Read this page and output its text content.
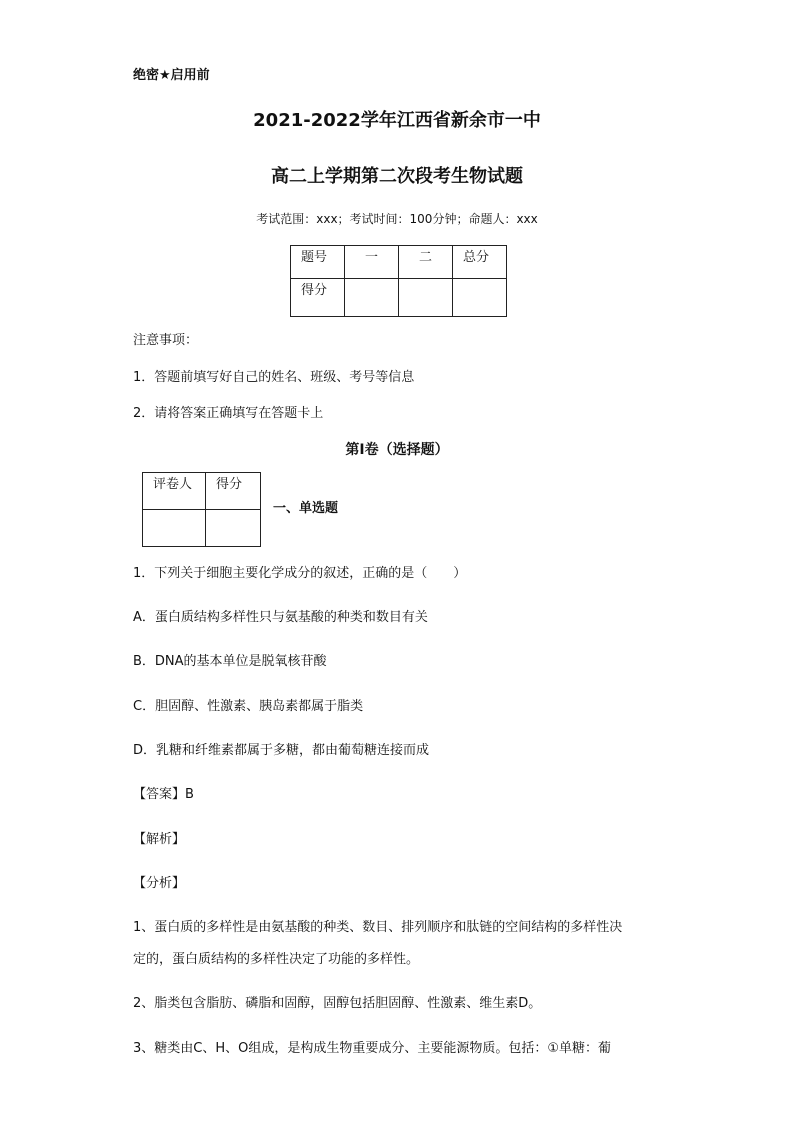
绝密★启用前
2021-2022学年江西省新余市一中
高二上学期第二次段考生物试题
考试范围：xxx；考试时间：100分钟；命题人：xxx
题号	一	二	总分
得分			
注意事项：
1．答题前填写好自己的姓名、班级、考号等信息
2．请将答案正确填写在答题卡上
第I卷（选择题）
评卷人	得分

一、单选题
1．下列关于细胞主要化学成分的叙述，正确的是（　　）
A．蛋白质结构多样性只与氨基酸的种类和数目有关
B．DNA的基本单位是脱氧核苷酸
C．胆固醇、性激素、胰岛素都属于脂类
D．乳糖和纤维素都属于多糖，都由葡萄糖连接而成
【答案】B
【解析】
【分析】
1、蛋白质的多样性是由氨基酸的种类、数目、排列顺序和肽链的空间结构的多样性决
定的，蛋白质结构的多样性决定了功能的多样性。
2、脂类包含脂肪、磷脂和固醇，固醇包括胆固醇、性激素、维生素D。
3、糖类由C、H、O组成，是构成生物重要成分、主要能源物质。包括：①单糖：葡
